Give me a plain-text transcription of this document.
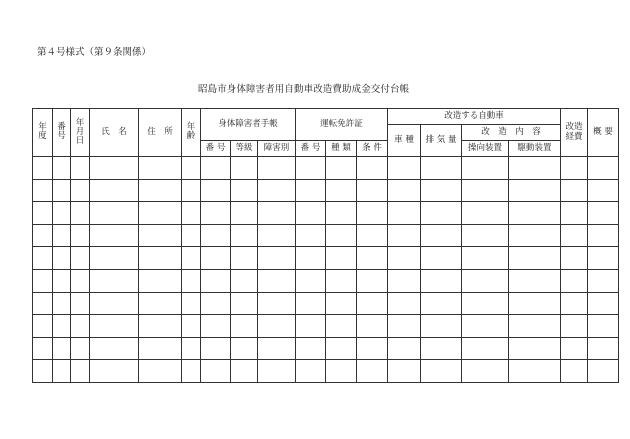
第４号様式（第９条関係）
昭島市身体障害者用自動車改造費助成金交付台帳
年度	番号	年月日	氏　名	住　所	年齢	身体障害者手帳			運転免許証			改造する自動車				改造経費	概 要
												車 種	排 気 量	改　造　内　容			
						番 号	等級	障害別	番 号	種 類	条 件			操向装置	駆動装置		
